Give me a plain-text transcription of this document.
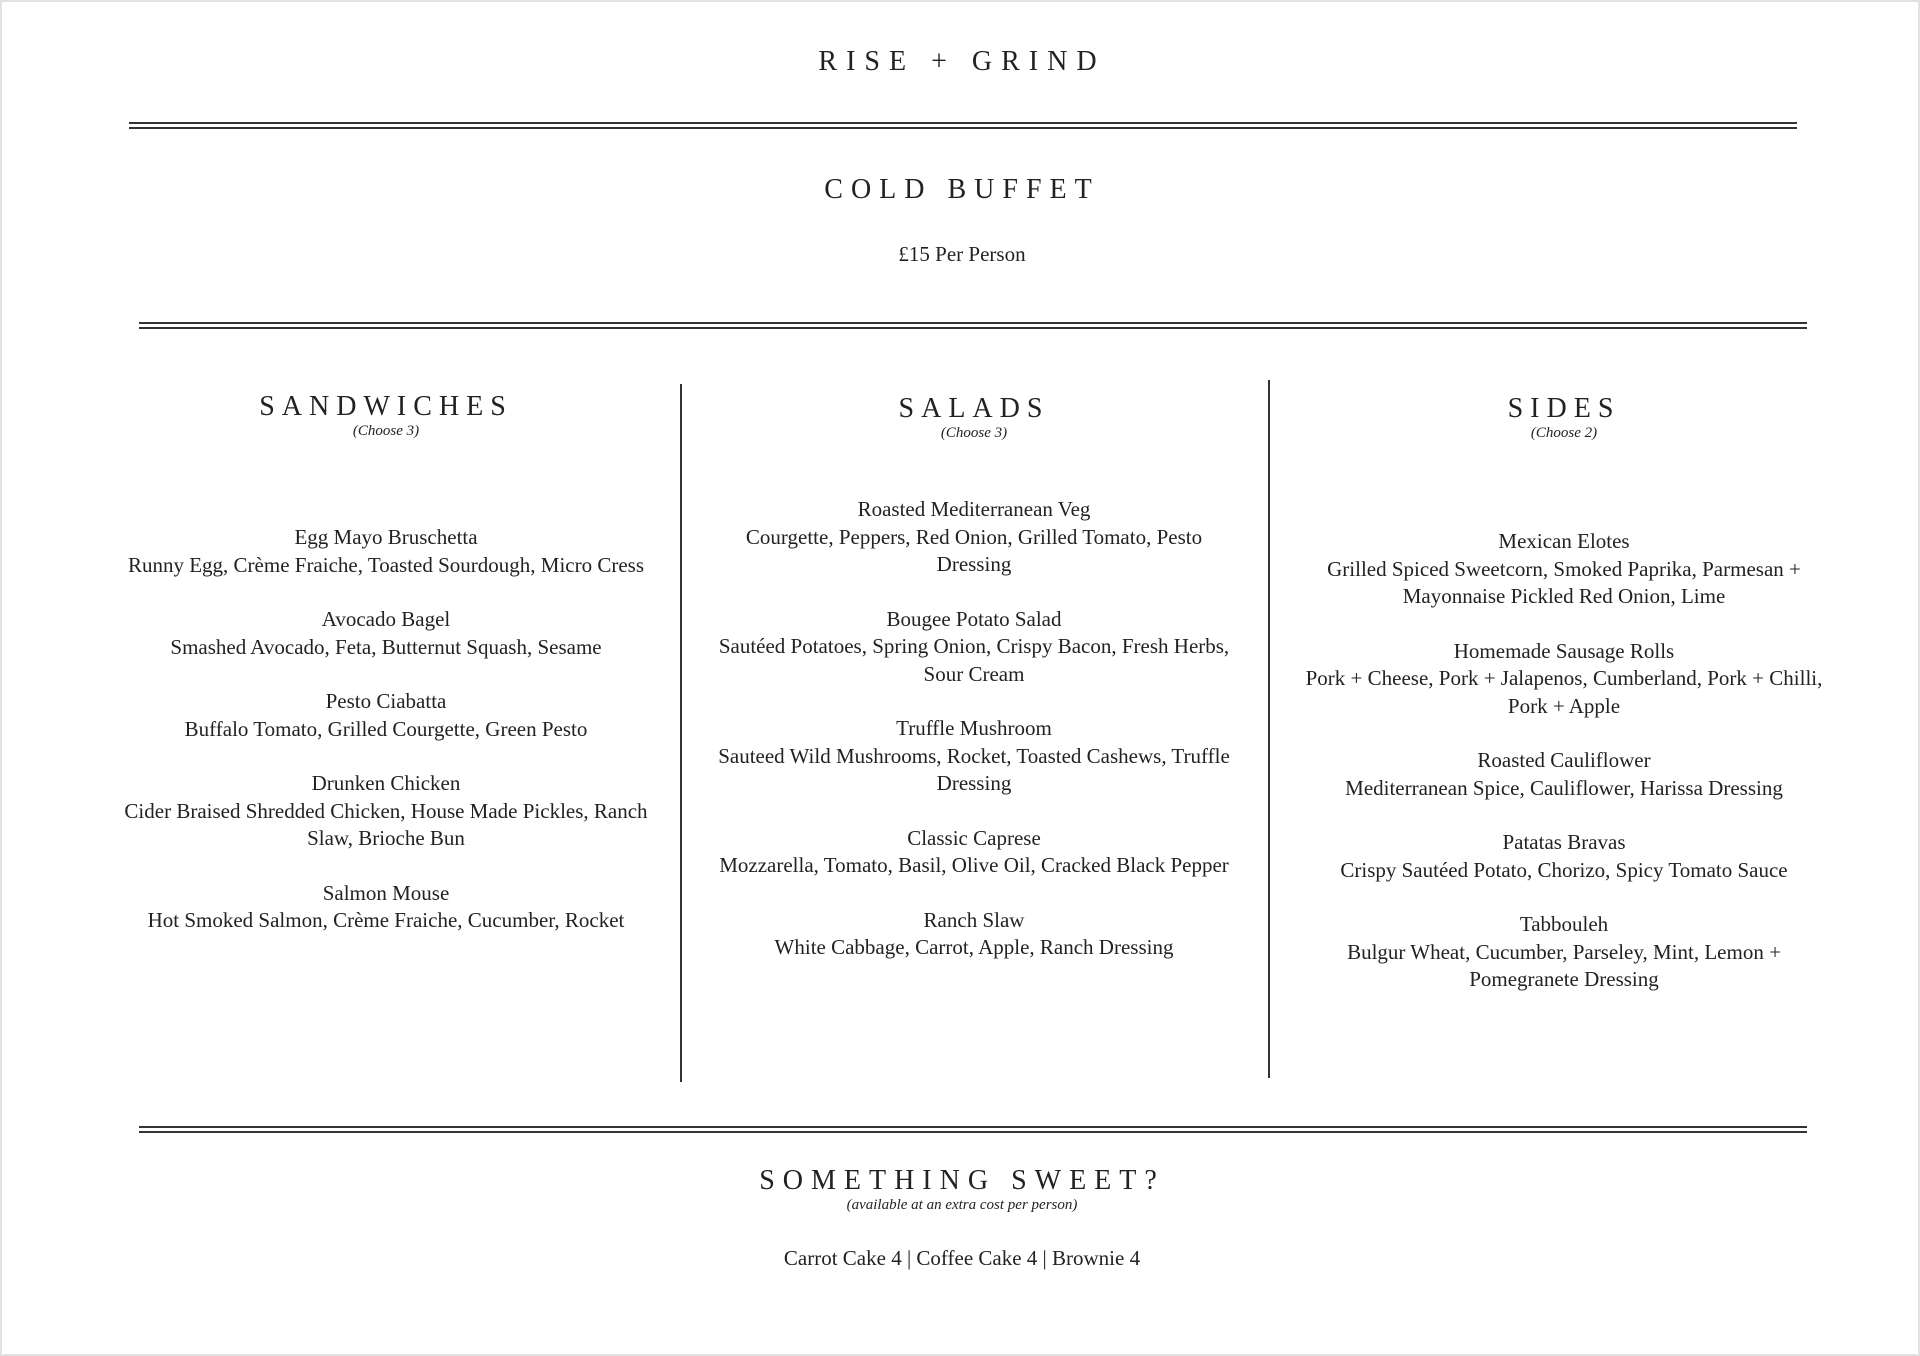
RISE + GRIND
COLD BUFFET
£15 Per Person
SANDWICHES
(Choose 3)
Egg Mayo Bruschetta
Runny Egg, Crème Fraiche, Toasted Sourdough, Micro Cress
Avocado Bagel
Smashed Avocado, Feta, Butternut Squash, Sesame
Pesto Ciabatta
Buffalo Tomato, Grilled Courgette, Green Pesto
Drunken Chicken
Cider Braised Shredded Chicken, House Made Pickles, Ranch Slaw, Brioche Bun
Salmon Mouse
Hot Smoked Salmon, Crème Fraiche, Cucumber, Rocket
SALADS
(Choose 3)
Roasted Mediterranean Veg
Courgette, Peppers, Red Onion, Grilled Tomato, Pesto Dressing
Bougee Potato Salad
Sautéed Potatoes, Spring Onion, Crispy Bacon, Fresh Herbs, Sour Cream
Truffle Mushroom
Sauteed Wild Mushrooms, Rocket, Toasted Cashews, Truffle Dressing
Classic Caprese
Mozzarella, Tomato, Basil, Olive Oil, Cracked Black Pepper
Ranch Slaw
White Cabbage, Carrot, Apple, Ranch Dressing
SIDES
(Choose 2)
Mexican Elotes
Grilled Spiced Sweetcorn, Smoked Paprika, Parmesan + Mayonnaise Pickled Red Onion, Lime
Homemade Sausage Rolls
Pork + Cheese, Pork + Jalapenos, Cumberland, Pork + Chilli, Pork + Apple
Roasted Cauliflower
Mediterranean Spice, Cauliflower, Harissa Dressing
Patatas Bravas
Crispy Sautéed Potato, Chorizo, Spicy Tomato Sauce
Tabbouleh
Bulgur Wheat, Cucumber, Parseley, Mint, Lemon + Pomegranete Dressing
SOMETHING SWEET?
(available at an extra cost per person)
Carrot Cake 4 | Coffee Cake 4 | Brownie 4
